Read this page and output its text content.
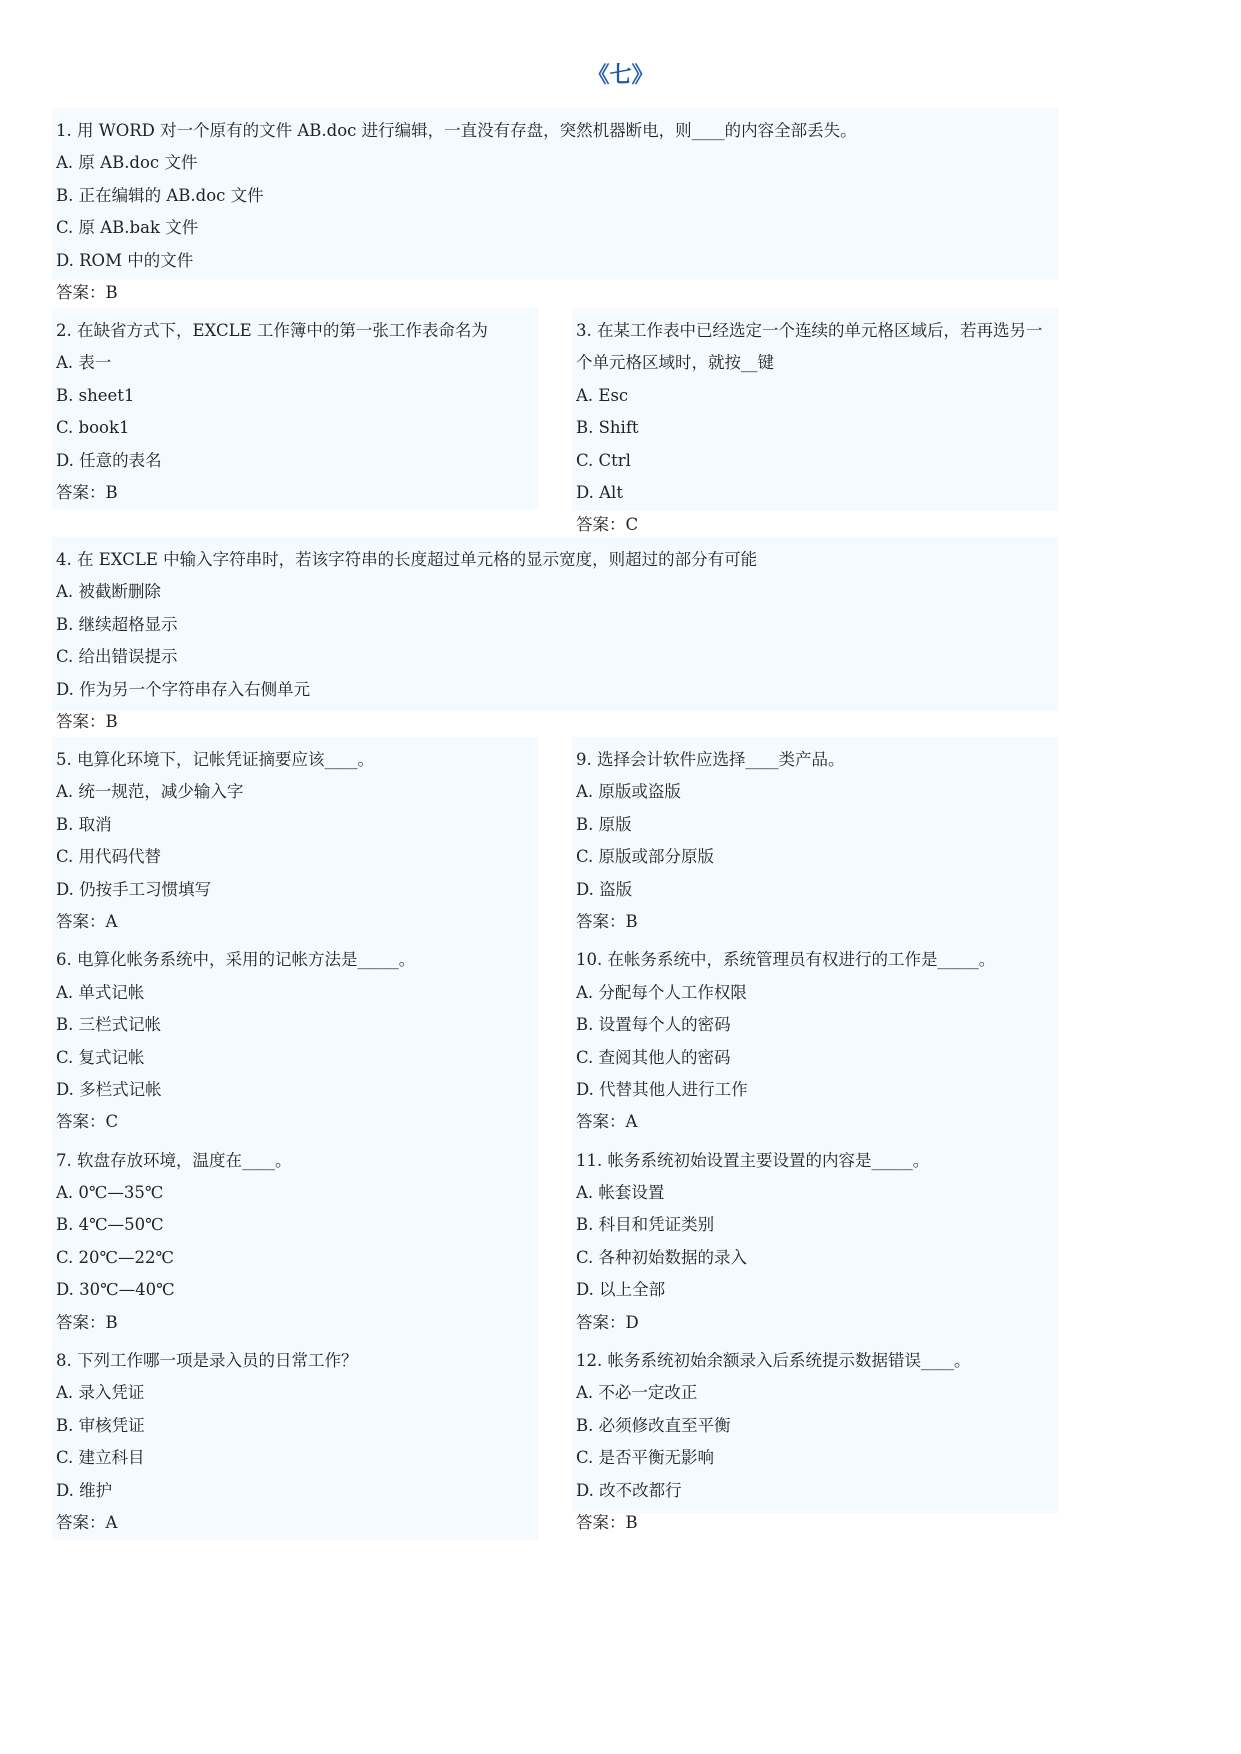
《七》
1. 用 WORD 对一个原有的文件 AB.doc 进行编辑，一直没有存盘，突然机器断电，则____的内容全部丢失。
A. 原 AB.doc 文件
B. 正在编辑的 AB.doc 文件
C. 原 AB.bak 文件
D. ROM 中的文件
答案：B
2. 在缺省方式下，EXCLE 工作簿中的第一张工作表命名为
A. 表一
B. sheet1
C. book1
D. 任意的表名
答案：B
3. 在某工作表中已经选定一个连续的单元格区域后，若再选另一个单元格区域时，就按__键
A. Esc
B. Shift
C. Ctrl
D. Alt
答案：C
4. 在 EXCLE 中输入字符串时，若该字符串的长度超过单元格的显示宽度，则超过的部分有可能
A. 被截断删除
B. 继续超格显示
C. 给出错误提示
D. 作为另一个字符串存入右侧单元
答案：B
5. 电算化环境下，记帐凭证摘要应该____。
A. 统一规范，减少输入字
B. 取消
C. 用代码代替
D. 仍按手工习惯填写
答案：A
6. 电算化帐务系统中，采用的记帐方法是_____。
A. 单式记帐
B. 三栏式记帐
C. 复式记帐
D. 多栏式记帐
答案：C
7. 软盘存放环境，温度在____。
A. 0℃—35℃
B. 4℃—50℃
C. 20℃—22℃
D. 30℃—40℃
答案：B
8. 下列工作哪一项是录入员的日常工作？
A. 录入凭证
B. 审核凭证
C. 建立科目
D. 维护
答案：A
9. 选择会计软件应选择____类产品。
A. 原版或盗版
B. 原版
C. 原版或部分原版
D. 盗版
答案：B
10. 在帐务系统中，系统管理员有权进行的工作是_____。
A. 分配每个人工作权限
B. 设置每个人的密码
C. 查阅其他人的密码
D. 代替其他人进行工作
答案：A
11. 帐务系统初始设置主要设置的内容是_____。
A. 帐套设置
B. 科目和凭证类别
C. 各种初始数据的录入
D. 以上全部
答案：D
12. 帐务系统初始余额录入后系统提示数据错误____。
A. 不必一定改正
B. 必须修改直至平衡
C. 是否平衡无影响
D. 改不改都行
答案：B
